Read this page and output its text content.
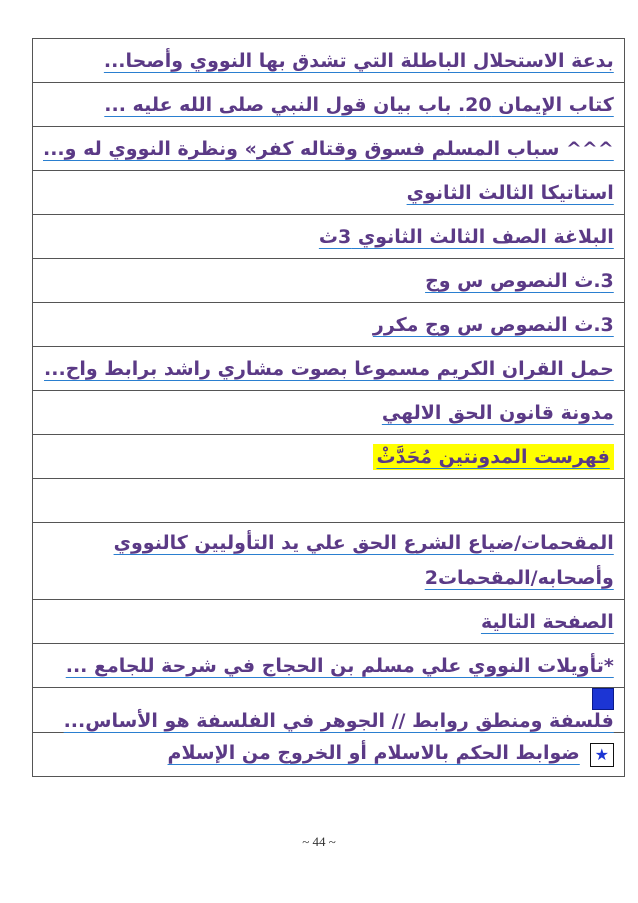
بدعة الاستحلال الباطلة التي تشدق بها النووي وأصحا...
كتاب الإيمان 20. باب بيان قول النبي صلى الله عليه ...
^^^ سباب المسلم فسوق وقتاله كفر» ونظرة النووي له و...
استاتيكا الثالث الثانوي
البلاغة الصف الثالث الثانوي 3ث
3.ث النصوص س وج
3.ث النصوص س وج مكرر
حمل القران الكريم مسموعا بصوت مشاري راشد برابط واح...
مدونة قانون الحق الالهي
فهرست المدونتين مُحَدَّثْ

المقحمات/ضياع الشرع الحق علي يد التأوليين كالنووي وأصحابه/المقحمات2
الصفحة التالية
*تأويلات النووي علي مسلم بن الحجاج في شرحة للجامع ...
فلسفة ومنطق روابط // الجوهر في الفلسفة هو الأساس...
★ضوابط الحكم بالاسلام أو الخروج من الإسلام
~ 44 ~
